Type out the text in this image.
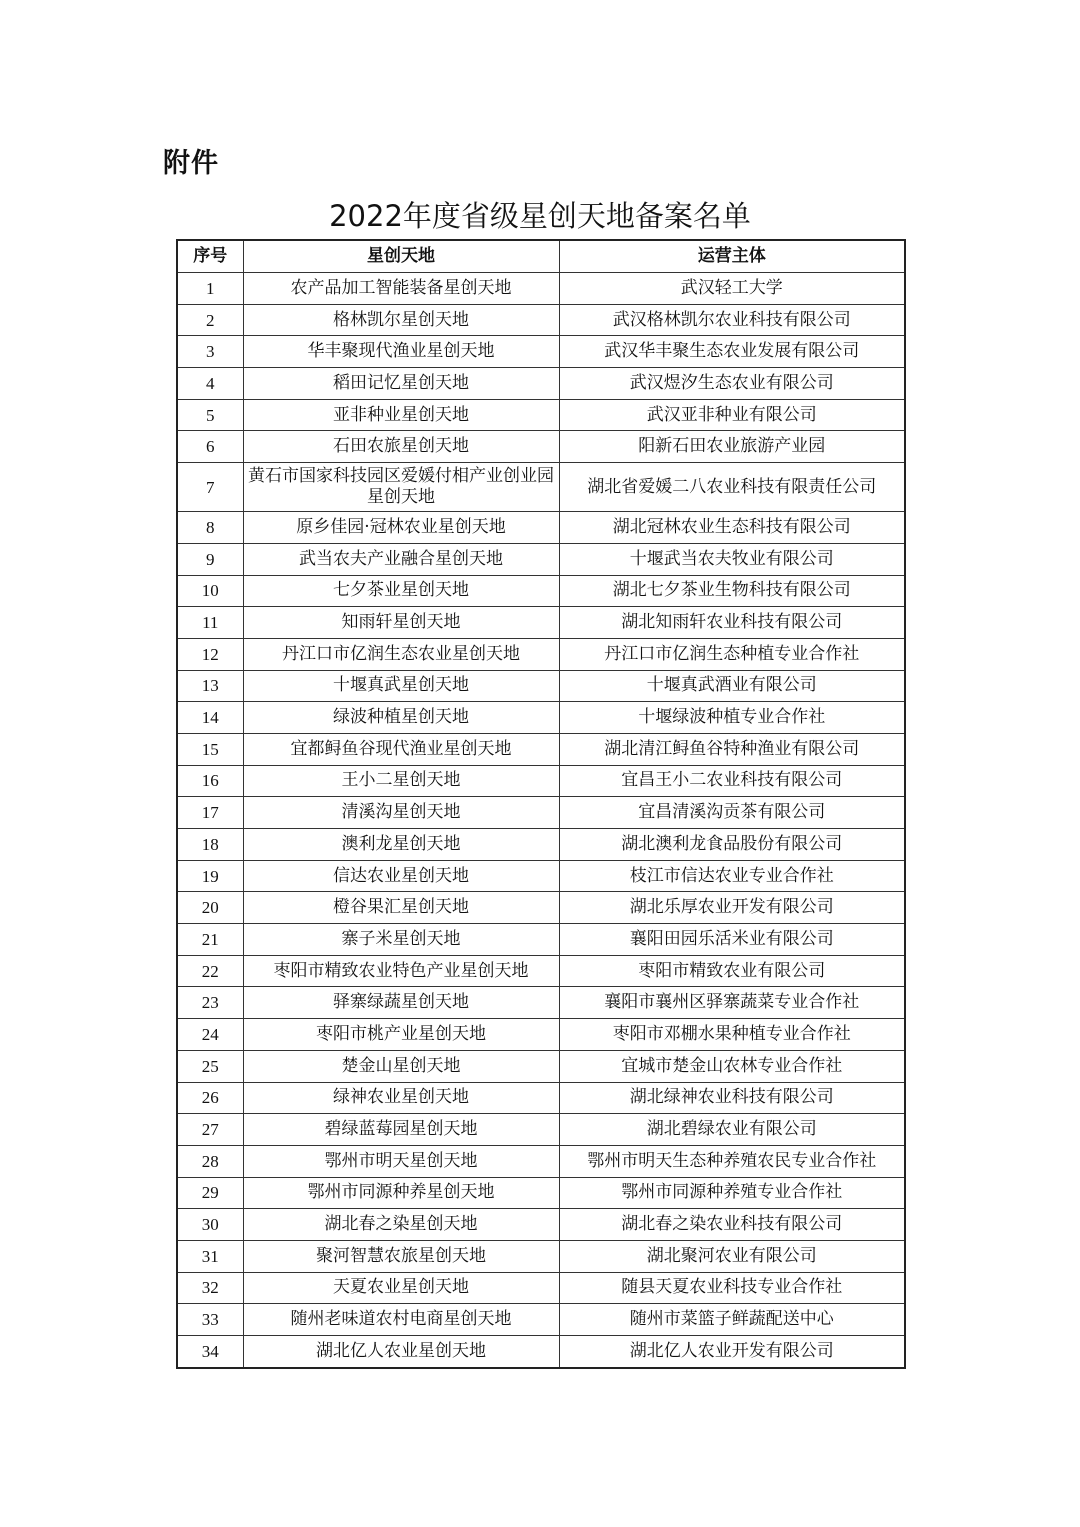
附件
2022年度省级星创天地备案名单
序号	星创天地	运营主体
1	农产品加工智能装备星创天地	武汉轻工大学
2	格林凯尔星创天地	武汉格林凯尔农业科技有限公司
3	华丰聚现代渔业星创天地	武汉华丰聚生态农业发展有限公司
4	稻田记忆星创天地	武汉煜汐生态农业有限公司
5	亚非种业星创天地	武汉亚非种业有限公司
6	石田农旅星创天地	阳新石田农业旅游产业园
7	黄石市国家科技园区爱媛付相产业创业园星创天地	湖北省爱媛二八农业科技有限责任公司
8	原乡佳园·冠林农业星创天地	湖北冠林农业生态科技有限公司
9	武当农夫产业融合星创天地	十堰武当农夫牧业有限公司
10	七夕茶业星创天地	湖北七夕茶业生物科技有限公司
11	知雨轩星创天地	湖北知雨轩农业科技有限公司
12	丹江口市亿润生态农业星创天地	丹江口市亿润生态种植专业合作社
13	十堰真武星创天地	十堰真武酒业有限公司
14	绿波种植星创天地	十堰绿波种植专业合作社
15	宜都鲟鱼谷现代渔业星创天地	湖北清江鲟鱼谷特种渔业有限公司
16	王小二星创天地	宜昌王小二农业科技有限公司
17	清溪沟星创天地	宜昌清溪沟贡茶有限公司
18	澳利龙星创天地	湖北澳利龙食品股份有限公司
19	信达农业星创天地	枝江市信达农业专业合作社
20	橙谷果汇星创天地	湖北乐厚农业开发有限公司
21	寨子米星创天地	襄阳田园乐活米业有限公司
22	枣阳市精致农业特色产业星创天地	枣阳市精致农业有限公司
23	驿寨绿蔬星创天地	襄阳市襄州区驿寨蔬菜专业合作社
24	枣阳市桃产业星创天地	枣阳市邓棚水果种植专业合作社
25	楚金山星创天地	宜城市楚金山农林专业合作社
26	绿神农业星创天地	湖北绿神农业科技有限公司
27	碧绿蓝莓园星创天地	湖北碧绿农业有限公司
28	鄂州市明天星创天地	鄂州市明天生态种养殖农民专业合作社
29	鄂州市同源种养星创天地	鄂州市同源种养殖专业合作社
30	湖北春之染星创天地	湖北春之染农业科技有限公司
31	聚河智慧农旅星创天地	湖北聚河农业有限公司
32	天夏农业星创天地	随县天夏农业科技专业合作社
33	随州老味道农村电商星创天地	随州市菜篮子鲜蔬配送中心
34	湖北亿人农业星创天地	湖北亿人农业开发有限公司
